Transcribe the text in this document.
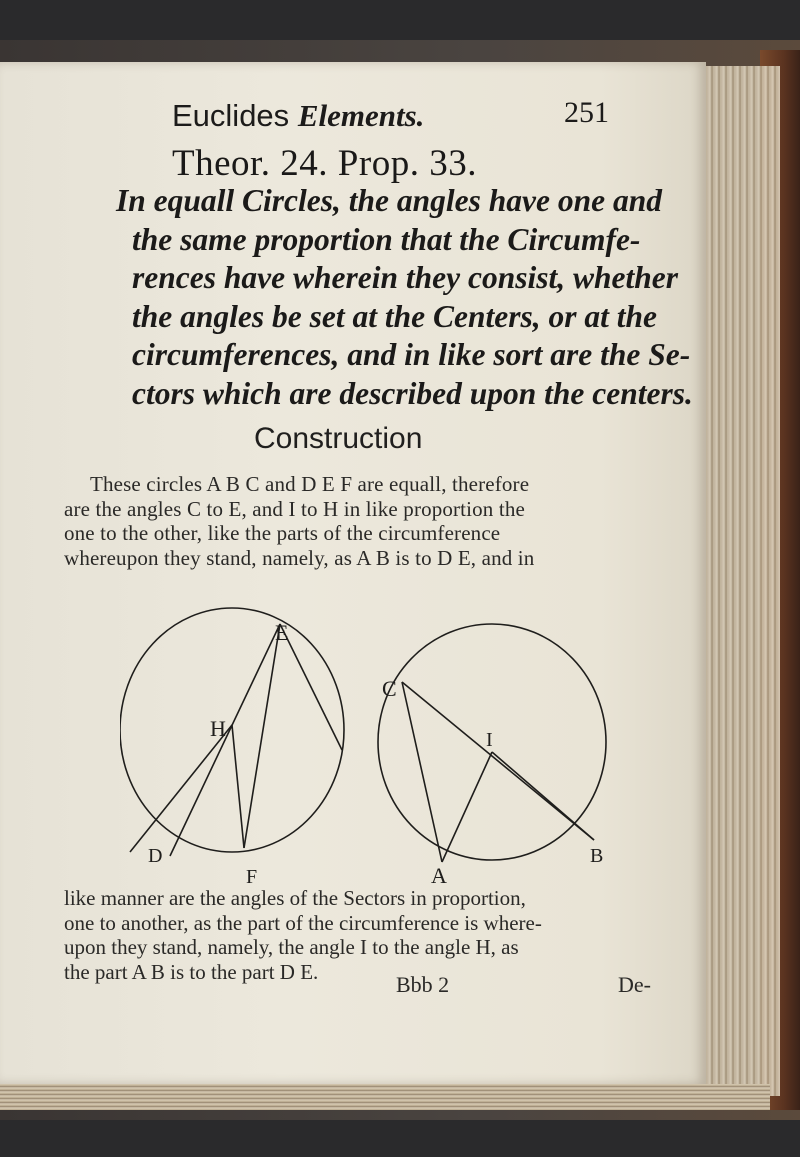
Euclides Elements.	251
Theor. 24. Prop. 33.
In equall Circles, the angles have one and
the same proportion that the Circumfe-
rences have wherein they consist, whether
the angles be set at the Centers, or at the
circumferences, and in like sort are the Se-
ctors which are described upon the centers.
Construction
These circles A B C and D E F are equall, therefore
are the angles C to E, and I to H in like proportion the
one to the other, like the parts of the circumference
whereupon they stand, namely, as A B is to D E, and in
E
H
D
F
C
I
A
B
like manner are the angles of the Sectors in proportion,
one to another, as the part of the circumference is where-
upon they stand, namely, the angle I to the angle H, as
the part A B is to the part D E.
Bbb 2	De-
